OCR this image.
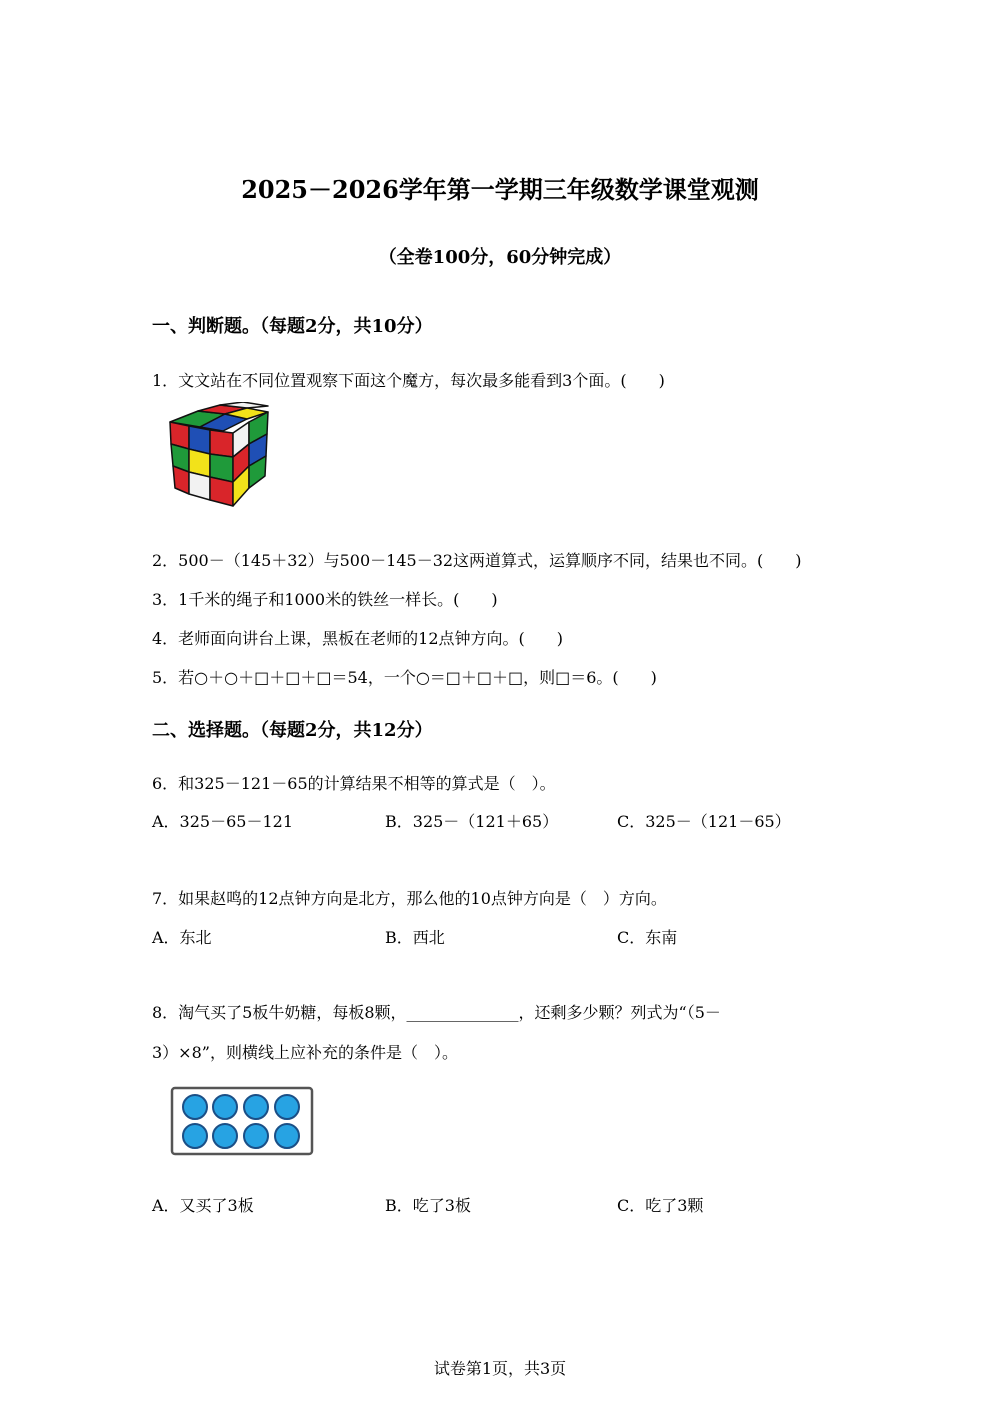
2025－2026学年第一学期三年级数学课堂观测
（全卷100分，60分钟完成）
一、判断题。（每题2分，共10分）
1．文文站在不同位置观察下面这个魔方，每次最多能看到3个面。(　　)
2．500－（145＋32）与500－145－32这两道算式，运算顺序不同，结果也不同。(　　)
3．1千米的绳子和1000米的铁丝一样长。(　　)
4．老师面向讲台上课，黑板在老师的12点钟方向。(　　)
5．若○＋○＋□＋□＋□＝54，一个○＝□＋□＋□，则□＝6。(　　)
二、选择题。（每题2分，共12分）
6．和325－121－65的计算结果不相等的算式是（　）。
A．325－65－121	B．325－（121＋65）	C．325－（121－65）
7．如果赵鸣的12点钟方向是北方，那么他的10点钟方向是（　）方向。
A．东北	B．西北	C．东南
8．淘气买了5板牛奶糖，每板8颗，______________，还剩多少颗？列式为“（5－
3）×8”，则横线上应补充的条件是（　）。
A．又买了3板	B．吃了3板	C．吃了3颗
试卷第1页，共3页
